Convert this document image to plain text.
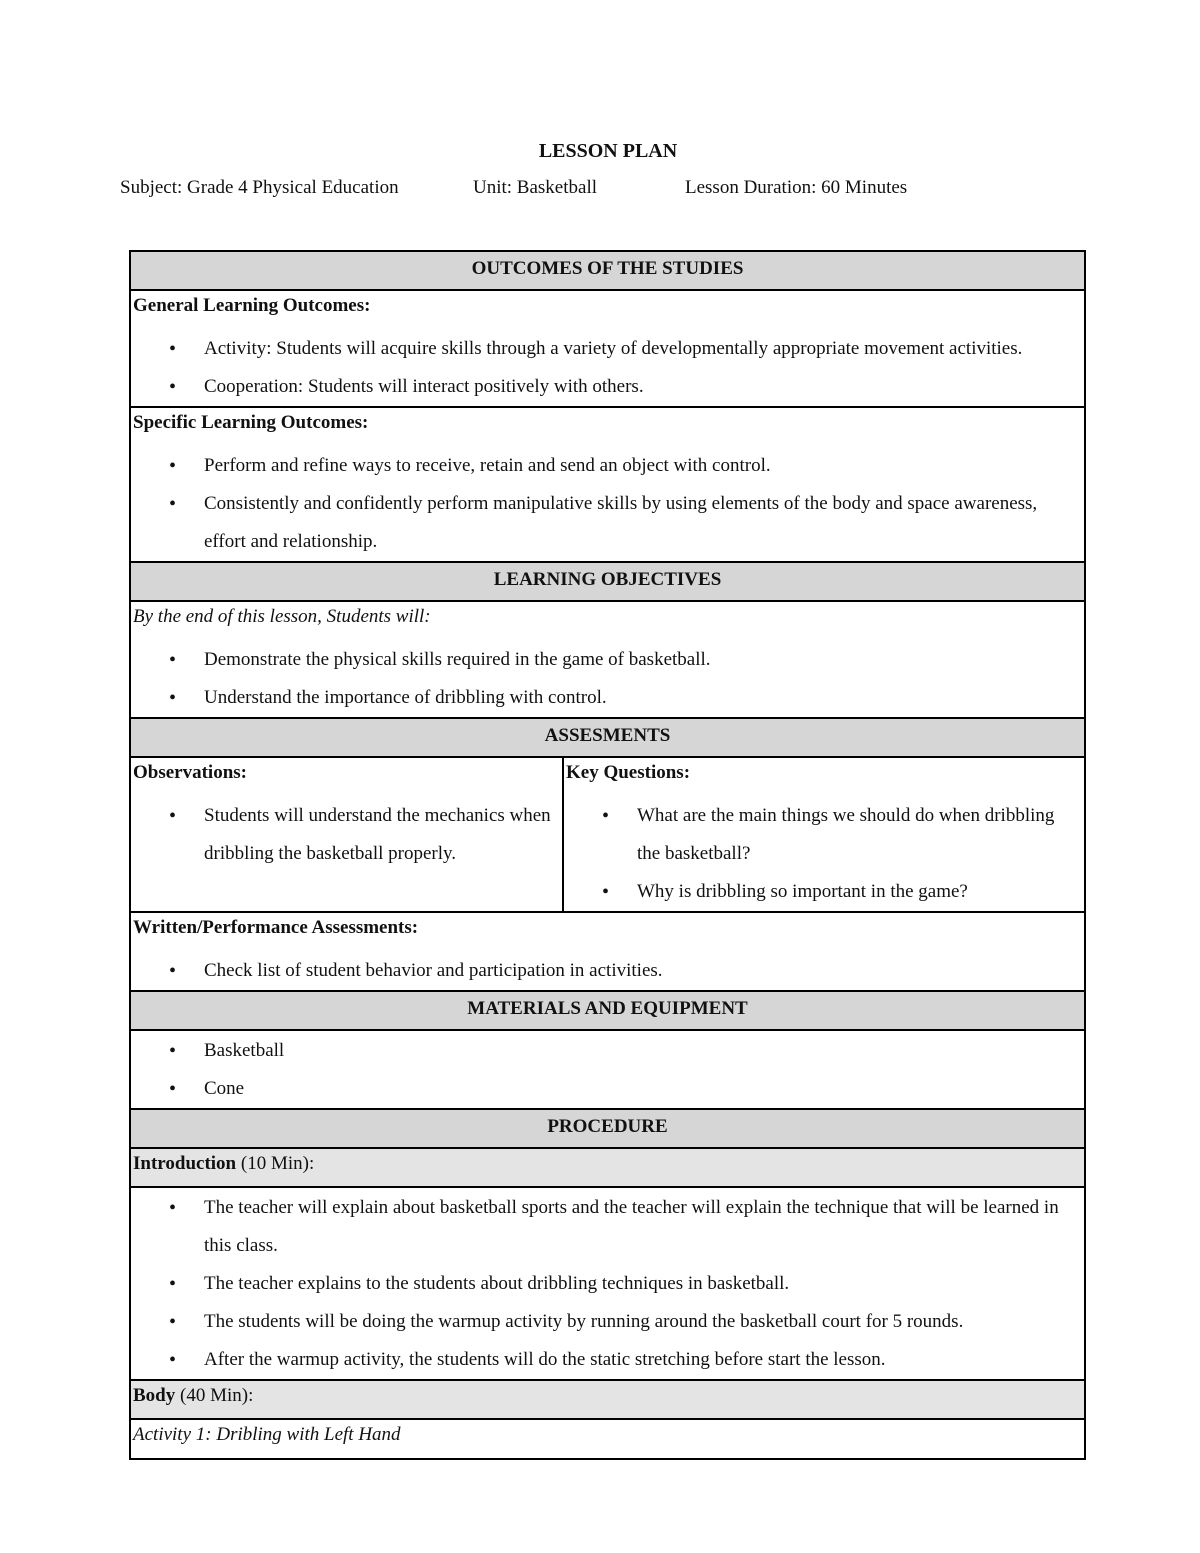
LESSON PLAN
Subject: Grade 4 Physical Education	Unit: Basketball	Lesson Duration: 60 Minutes
OUTCOMES OF THE STUDIES
General Learning Outcomes:
• Activity: Students will acquire skills through a variety of developmentally appropriate movement activities.
• Cooperation: Students will interact positively with others.
Specific Learning Outcomes:
• Perform and refine ways to receive, retain and send an object with control.
• Consistently and confidently perform manipulative skills by using elements of the body and space awareness, effort and relationship.
LEARNING OBJECTIVES
By the end of this lesson, Students will:
• Demonstrate the physical skills required in the game of basketball.
• Understand the importance of dribbling with control.
ASSESMENTS
Observations:
• Students will understand the mechanics when dribbling the basketball properly.
Key Questions:
• What are the main things we should do when dribbling the basketball?
• Why is dribbling so important in the game?
Written/Performance Assessments:
• Check list of student behavior and participation in activities.
MATERIALS AND EQUIPMENT
• Basketball
• Cone
PROCEDURE
Introduction (10 Min):
• The teacher will explain about basketball sports and the teacher will explain the technique that will be learned in this class.
• The teacher explains to the students about dribbling techniques in basketball.
• The students will be doing the warmup activity by running around the basketball court for 5 rounds.
• After the warmup activity, the students will do the static stretching before start the lesson.
Body (40 Min):
Activity 1: Dribling with Left Hand
